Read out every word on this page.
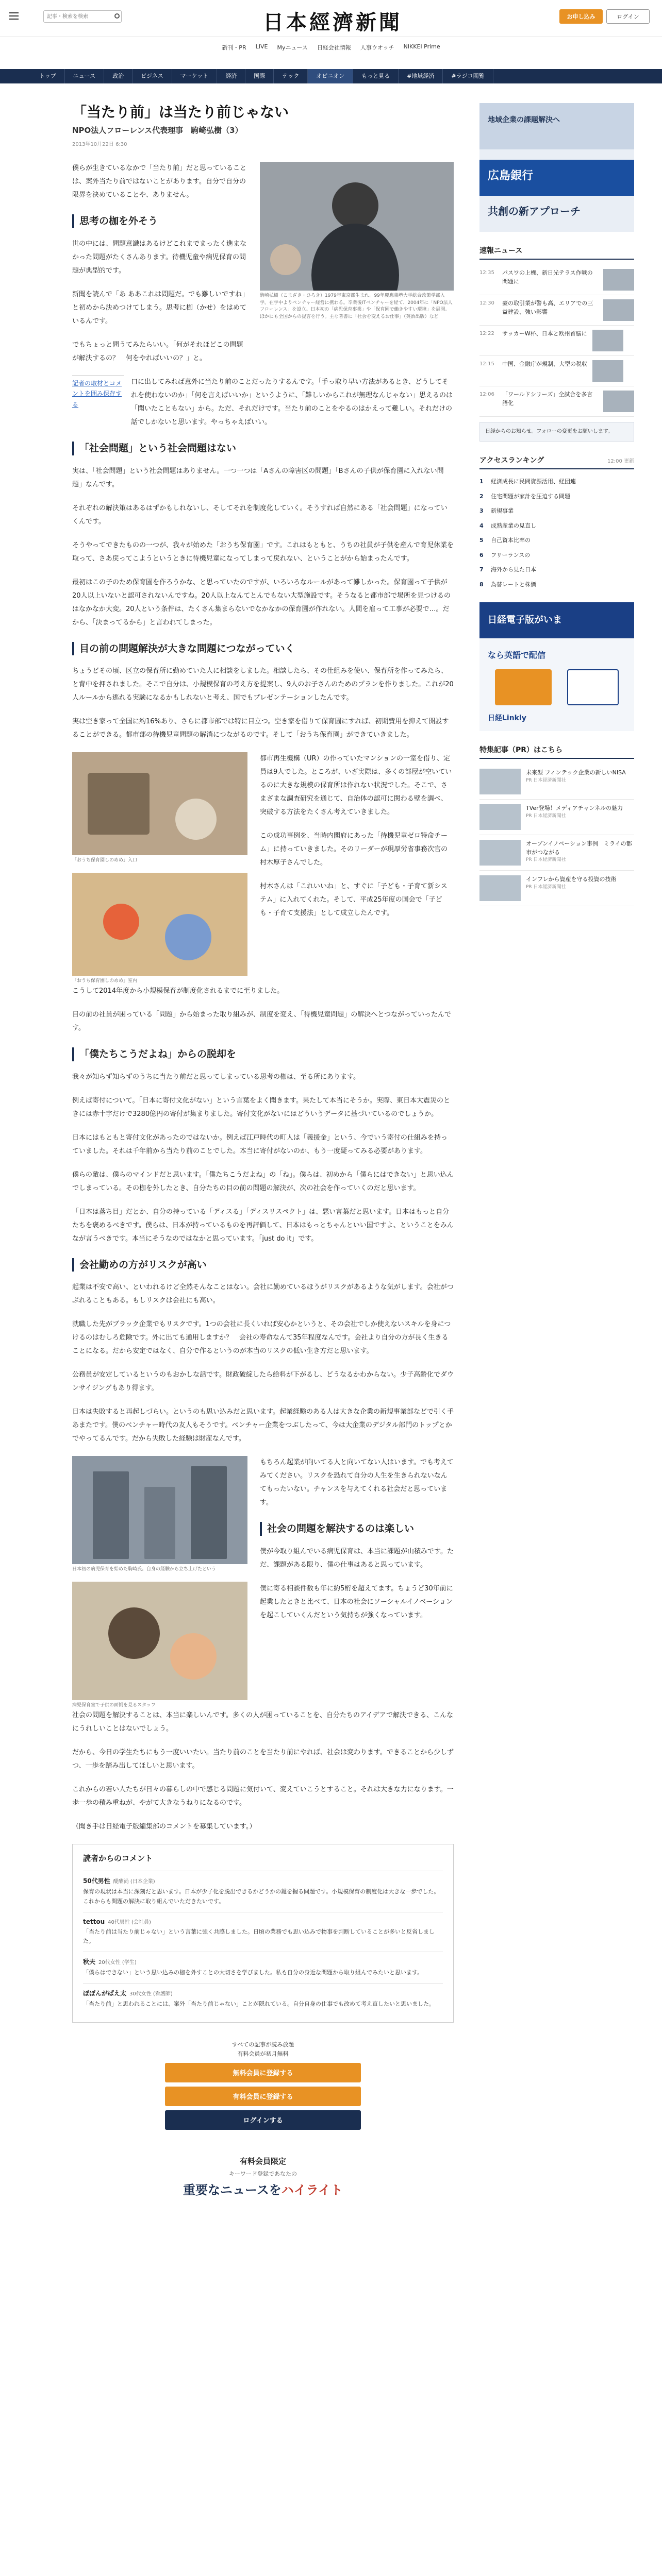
記事・検索を検索
日本經濟新聞	お申し込み	ログイン
新刊・PR LIVE Myニュース 日経会社情報 人事ウオッチ NIKKEI Prime
トップ	ニュース	政治	ビジネス	マーケット	経済	国際	テック	オピニオン	もっと見る	#地域経済	#ラジコ閲覧
「当たり前」は当たり前じゃない
NPO法人フローレンス代表理事　駒崎弘樹（3）
2013年10月22日 6:30

僕らが生きているなかで「当たり前」だと思っていることは、案外当たり前ではないことがあります。自分で自分の限界を決めていることや、ありません。

思考の枷を外そう

世の中には、問題意識はあるけどこれまでまったく進まなかった問題がたくさんあります。待機児童や病児保育の問題が典型的です。

新聞を読んで「あ ああこれは問題だ。でも難しいですね」と初めから決めつけてしまう。思考に枷（かせ）をはめているんです。

でもちょっと問うてみたらいい。「何がそれほどこの問題が解決するの？　何をやればいいの？」と。

駒崎弘樹（こまざき・ひろき）1979年東京都生まれ。99年慶應義塾大学総合政策学部入学。在学中よりベンチャー経営に携わる。卒業後ITベンチャーを経て、2004年に「NPO法人フローレンス」を設立。日本初の「病児保育事業」や「保育園で働きやすい環境」を展開。ほかにも全国からの提言を行う。主な著書に「社会を変えるお仕事」（英治出版）など
記者の取材とコメントを囲み保存する
口に出してみれば意外に当たり前のことだったりするんです。「手っ取り早い方法があるとき、どうしてそれを使わないのか」「何を言えばいいか」というように、「難しいからこれが無理なんじゃない」思えるのは「聞いたこともない」から。ただ、それだけです。当たり前のことをやるのはかえって難しい。それだけの話でしかないと思います。やっちゃえばいい。
「社会問題」という社会問題はない

実は、「社会問題」という社会問題はありません。一つ一つは「Aさんの障害区の問題」「Bさんの子供が保育園に入れない問題」なんです。

それぞれの解決策はあるはずかもしれないし、そしてそれを制度化していく。そうすれば自然にある「社会問題」になっていくんです。

そうやってできたものの一つが、我々が始めた「おうち保育園」です。これはもともと、うちの社員が子供を産んで育児休業を取って、さあ戻ってこようというときに待機児童になってしまって戻れない、ということがから始まったんです。

最初はこの子のため保育園を作ろうかな、と思っていたのですが、いろいろなルールがあって難しかった。保育園って子供が20人以上いないと認可されないんですね。20人以上なんてとんでもない大型施設です。そうなると都市部で場所を見つけるのはなかなか大変。20人という条件は、たくさん集まらないでなかなかの保育園が作れない。人間を雇って工事が必要で…。だから、「決まってるから」と言われてしまった。

目の前の問題解決が大きな問題につながっていく

ちょうどその頃、区立の保育所に勤めていた人に相談をしました。相談したら、その仕組みを使い、保育所を作ってみたら、と背中を押されました。そこで自分は、小規模保育の考え方を提案し、9人のお子さんのためのプランを作りました。これが20人ルールから逃れる実験になるかもしれないと考え、国でもプレゼンテーションしたんです。

実は空き家って全国に約16%あり、さらに都市部では特に目立つ。空き家を借りて保育園にすれば、初期費用を抑えて開設することができる。都市部の待機児童問題の解消につながるのです。そして「おうち保育園」ができていきました。

「おうち保育園しのめめ」入口
「おうち保育園しのめめ」室内

都市再生機構（UR）の作っていたマンションの一室を借り、定員は9人でした。ところが、いざ実際は、多くの部屋が空いているのに大きな規模の保育所は作れない状況でした。そこで、さまざまな調査研究を通じて、自治体の認可に関わる壁を調べ、突破する方法をたくさん考えていきました。

この成功事例を、当時内閣府にあった「待機児童ゼロ特命チーム」に持っていきました。そのリーダーが現厚労省事務次官の村木厚子さんでした。

村木さんは「これいいね」と、すぐに「子ども・子育て新システム」に入れてくれた。そして、平成25年度の国会で「子ども・子育て支援法」として成立したんです。

こうして2014年度から小規模保育が制度化されるまでに至りました。

目の前の社員が困っている「問題」から始まった取り組みが、制度を変え、「待機児童問題」の解決へとつながっていったんです。

「僕たちこうだよね」からの脱却を

我々が知らず知らずのうちに当たり前だと思ってしまっている思考の枷は、至る所にあります。

例えば寄付について。「日本に寄付文化がない」という言葉をよく聞きます。果たして本当にそうか。実際、東日本大震災のときには赤十字だけで3280億円の寄付が集まりました。寄付文化がないにはどういうデータに基づいているのでしょうか。

日本にはもともと寄付文化があったのではないか。例えば江戸時代の町人は「義援金」という、今でいう寄付の仕組みを持っていました。それは千年前から当たり前のことでした。本当に寄付がないのか、もう一度疑ってみる必要があります。

僕らの敵は、僕らのマインドだと思います。「僕たちこうだよね」の「ね」。僕らは、初めから「僕らにはできない」と思い込んでしまっている。その枷を外したとき、自分たちの目の前の問題の解決が、次の社会を作っていくのだと思います。

「日本は落ち目」だとか、自分の持っている「ディスる」「ディスリスペクト」は、悪い言葉だと思います。日本はもっと自分たちを褒めるべきです。僕らは、日本が持っているものを再評価して、日本はもっとちゃんといい国ですよ、ということをみんなが言うべきです。本当にそうなのではなかと思っています。「just do it」です。

会社勤めの方がリスクが高い

起業は不安で高い、といわれるけど全然そんなことはない。会社に勤めているほうがリスクがあるような気がします。会社がつぶれることもある。もしリスクは会社にも高い。

就職した先がブラック企業でもリスクです。1つの会社に長くいれば安心かというと、その会社でしか使えないスキルを身につけるのはむしろ危険です。外に出ても通用しますか？　会社の寿命なんて35年程度なんです。会社より自分の方が長く生きることになる。だから安定ではなく、自分で作るというのが本当のリスクの低い生き方だと思います。

公務員が安定しているというのもおかしな話です。財政破綻したら給料が下がるし、どうなるかわからない。少子高齢化でダウンサイジングもあり得ます。

日本は失敗すると再起しづらい。というのも思い込みだと思います。起業経験のある人は大きな企業の新規事業部などで引く手あまたです。僕のベンチャー時代の友人もそうです。ベンチャー企業をつぶしたって、今は大企業のデジタル部門のトップとかでやってるんです。だから失敗した経験は財産なんです。

日本初の病児保育を始めた駒崎氏。自身の経験から立ち上げたという
病児保育室で子供の面倒を見るスタッフ

もちろん起業が向いてる人と向いてない人はいます。でも考えてみてください。リスクを恐れて自分の人生を生きられないなんてもったいない。チャンスを与えてくれる社会だと思っています。

社会の問題を解決するのは楽しい

僕が今取り組んでいる病児保育は、本当に課題が山積みです。ただ、課題がある限り、僕の仕事はあると思っています。

僕に寄る相談件数も年に約5桁を超えてます。ちょうど30年前に起業したときと比べて、日本の社会にソーシャルイノベーションを起こしていくんだという気持ちが強くなっています。

社会の問題を解決することは、本当に楽しいんです。多くの人が困っていることを、自分たちのアイデアで解決できる、こんなにうれしいことはないでしょう。

だから、今日の学生たちにもう一度いいたい。当たり前のことを当たり前にやれば、社会は変わります。できることから少しずつ、一歩を踏み出してほしいと思います。

これからの若い人たちが日々の暮らしの中で感じる問題に気付いて、変えていこうとすること。それは大きな力になります。一歩一歩の積み重ねが、やがて大きなうねりになるのです。

（聞き手は日経電子版編集部のコメントを募集しています。）

読者からのコメント
50代男性 醍醐尚 (日本企業)
保育の現状は本当に深刻だと思います。日本が少子化を脱出できるかどうかの鍵を握る問題です。小規模保育の制度化は大きな一歩でした。これからも問題の解決に取り組んでいただきたいです。
tettou 40代男性 (会社員)
「当たり前は当たり前じゃない」という言葉に強く共感しました。日頃の業務でも思い込みで物事を判断していることが多いと反省しました。
秋夫 20代女性 (学生)
「僕らはできない」という思い込みの枷を外すことの大切さを学びました。私も自分の身近な問題から取り組んでみたいと思います。
ぽぽんがぱえ太 30代女性 (看護師)
「当たり前」と思われることには、案外「当たり前じゃない」ことが隠れている。自分自身の仕事でも改めて考え直したいと思いました。
すべての記事が読み放題
有料会員が初月無料
無料会員に登録する
有料会員に登録する
ログインする
有料会員限定
キーワード登録であなたの
重要なニュースをハイライト
地域企業の課題解決へ
広島銀行
共創の新アプローチ
速報ニュース
12:35	パスワの上機、新日光テラス作戦の問題に
12:30	豪の取引業が警も高、エリアでの三益建設、強い影響
12:22	サッカーW杯、日本と欧州首脳に
12:15	中国、金融庁が規制、大型の税収
12:06	「ワールドシリーズ」全試合を多言語化
日経からのお知らせ。フォローの変更をお願いします。
アクセスランキング	12:00 更新
1	経済成長に民間資源活用、経団連
2	住宅問題が家計を圧迫する問題
3	新規事業
4	成熟産業の見直し
5	自己資本比率の
6	フリーランスの
7	海外から見た日本
8	為替レートと株価
日経電子版がいま
なら英語で配信
日経Linkly
特集記事（PR）はこちら
未来型 フィンテック企業の新しいNISA
PR 日本経済新聞社
TVer登場！メディアチャンネルの魅力
PR 日本経済新聞社
オープンイノベーション事例　ミライの都市がつながる
PR 日本経済新聞社
インフレから資産を守る投資の技術
PR 日本経済新聞社
